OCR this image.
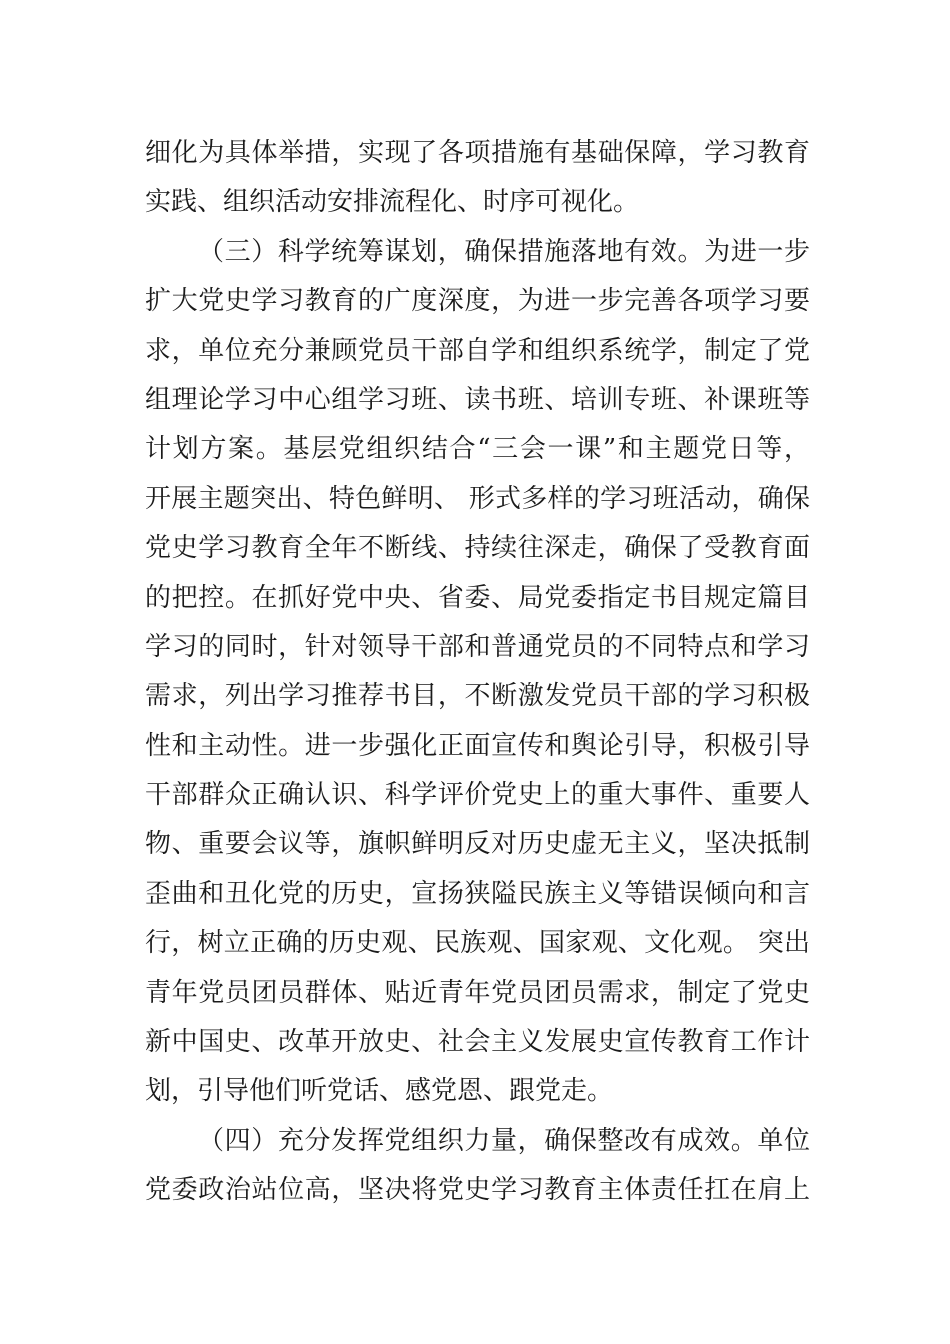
细化为具体举措，实现了各项措施有基础保障，学习教育
实践、组织活动安排流程化、时序可视化。
（三）科学统筹谋划，确保措施落地有效。为进一步
扩大党史学习教育的广度深度，为进一步完善各项学习要
求，单位充分兼顾党员干部自学和组织系统学，制定了党
组理论学习中心组学习班、读书班、培训专班、补课班等
计划方案。基层党组织结合“三会一课”和主题党日等，
开展主题突出、特色鲜明、 形式多样的学习班活动，确保
党史学习教育全年不断线、持续往深走，确保了受教育面
的把控。在抓好党中央、省委、局党委指定书目规定篇目
学习的同时，针对领导干部和普通党员的不同特点和学习
需求，列出学习推荐书目，不断激发党员干部的学习积极
性和主动性。进一步强化正面宣传和舆论引导，积极引导
干部群众正确认识、科学评价党史上的重大事件、重要人
物、重要会议等，旗帜鲜明反对历史虚无主义，坚决抵制
歪曲和丑化党的历史，宣扬狭隘民族主义等错误倾向和言
行，树立正确的历史观、民族观、国家观、文化观。 突出
青年党员团员群体、贴近青年党员团员需求，制定了党史
新中国史、改革开放史、社会主义发展史宣传教育工作计
划，引导他们听党话、感党恩、跟党走。
（四）充分发挥党组织力量，确保整改有成效。单位
党委政治站位高，坚决将党史学习教育主体责任扛在肩上
